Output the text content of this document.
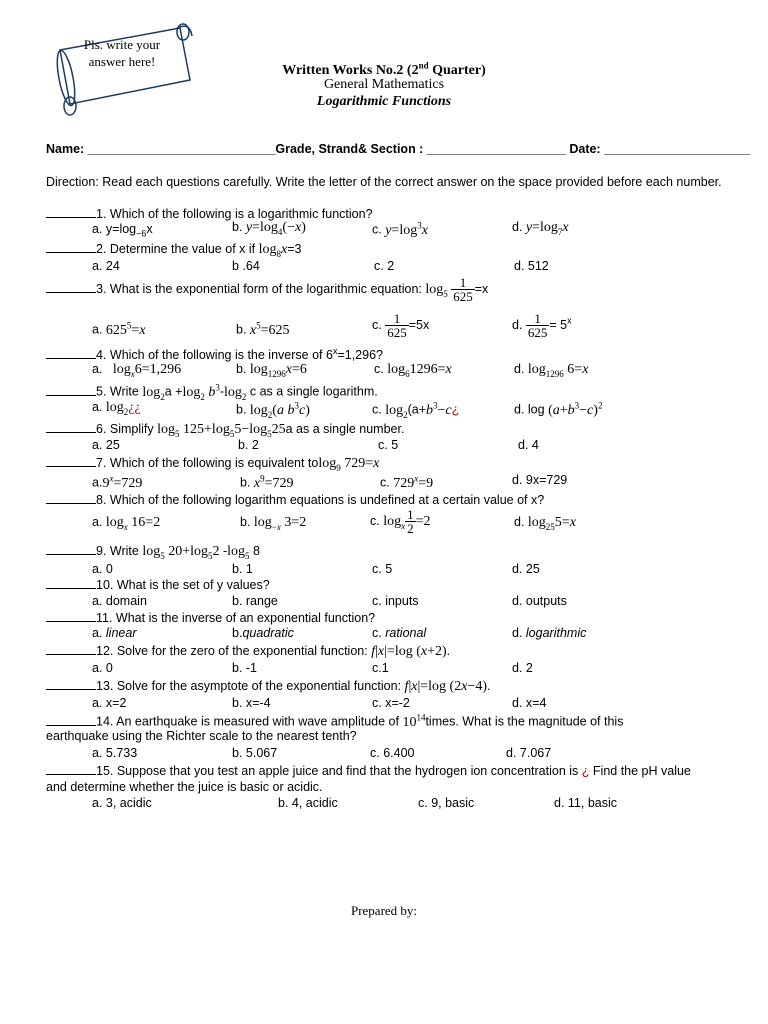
Pls. write your answer here!
Written Works No.2 (2nd Quarter)
General Mathematics
Logarithmic Functions
Name: ___________________________Grade, Strand& Section : ____________________ Date: _____________________
Direction: Read each questions carefully. Write the letter of the correct answer on the space provided before each number.
1. Which of the following is a logarithmic function?
a. $y=\log_{-6}x$	b. $y=\log_4(-x)$	c. $y=\log^3x$	d. $y=\log_7x$
2. Determine the value of x if $\log_8x=3$
a. 24	b .64	c. 2	d. 512
3. What is the exponential form of the logarithmic equation: $\log_5 \frac{1}{625} =x$
a. $625^5=x$	b. $x^5=625$	c. $\frac{1}{625} =5x$	d. $\frac{1}{625} = 5^x$
4. Which of the following is the inverse of $6^x=1,296$?
a.   $\log_x6=1,296$	b. $\log_{1296}x=6$	c. $\log_61296=x$	d. $\log_{1296} 6=x$
5. Write $\log_2a +\log_2$ $b^3-\log_2$ c as a single logarithm.
a. $\log_2¿¿$	b. $\log_2(a$ $b^3c$)	c. $\log_2(a+b^3-c¿$	d. $\log (a+b^3-c)^2$
6. Simplify $\log_5 125+\log_55-\log_525a$ as a single number.
a. 25	b. 2	c. 5	d. 4
7. Which of the following is equivalent tolog$_9$ 729=x
$a.9^x=729$	b. $x^9=729$	c. $729^x=9$	d. 9x=729
8. Which of the following logarithm equations is undefined at a certain value of x?
a. $\log_x 16=2$	b. $\log_{-x} 3=2$	c. $\log_x \frac{1}{2} =2$	d. $\log_{25}5=x$
9. Write $\log_5 20+\log_52$ $-\log_5$ 8
a. 0	b. 1	c. 5	d. 25
10. What is the set of y values?
a. domain	b. range	c. inputs	d. outputs
11. What is the inverse of an exponential function?
a. linear	b.quadratic	c. rational	d. logarithmic
12. Solve for the zero of the exponential function: f|x|=log (x+2).
a. 0	b. -1	c.1	d. 2
13. Solve for the asymptote of the exponential function: f|x|=log (2x−4).
a. x=2	b. x=-4	c. x=-2	d. x=4
14. An earthquake is measured with wave amplitude of $10^{14}times$. What is the magnitude of this
earthquake using the Richter scale to the nearest tenth?
a. 5.733	b. 5.067	c. 6.400	d. 7.067
15. Suppose that you test an apple juice and find that the hydrogen ion concentration is ¿ Find the pH value
and determine whether the juice is basic or acidic.
a. 3, acidic	b. 4, acidic	c. 9, basic	d. 11, basic
Prepared by:
